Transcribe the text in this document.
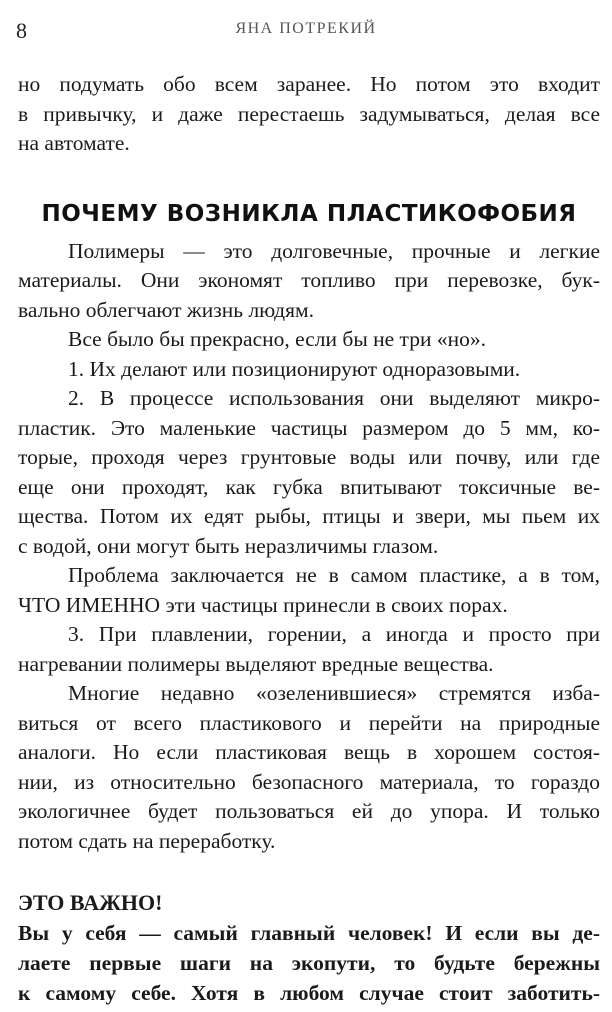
8	ЯНА ПОТРЕКИЙ

но подумать обо всем заранее. Но потом это входит
в привычку, и даже перестаешь задумываться, делая все
на автомате.

ПОЧЕМУ ВОЗНИКЛА ПЛАСТИКОФОБИЯ

Полимеры — это долговечные, прочные и легкие
материалы. Они экономят топливо при перевозке, бук-
вально облегчают жизнь людям.

Все было бы прекрасно, если бы не три «но».

1. Их делают или позиционируют одноразовыми.

2. В процессе использования они выделяют микро-
пластик. Это маленькие частицы размером до 5 мм, ко-
торые, проходя через грунтовые воды или почву, или где
еще они проходят, как губка впитывают токсичные ве-
щества. Потом их едят рыбы, птицы и звери, мы пьем их
с водой, они могут быть неразличимы глазом.

Проблема заключается не в самом пластике, а в том,
ЧТО ИМЕННО эти частицы принесли в своих порах.

3. При плавлении, горении, а иногда и просто при
нагревании полимеры выделяют вредные вещества.

Многие недавно «озеленившиеся» стремятся изба-
виться от всего пластикового и перейти на природные
аналоги. Но если пластиковая вещь в хорошем состоя-
нии, из относительно безопасного материала, то гораздо
экологичнее будет пользоваться ей до упора. И только
потом сдать на переработку.

ЭТО ВАЖНО!
Вы у себя — самый главный человек! И если вы де-
лаете первые шаги на экопути, то будьте бережны
к самому себе. Хотя в любом случае стоит заботить-
